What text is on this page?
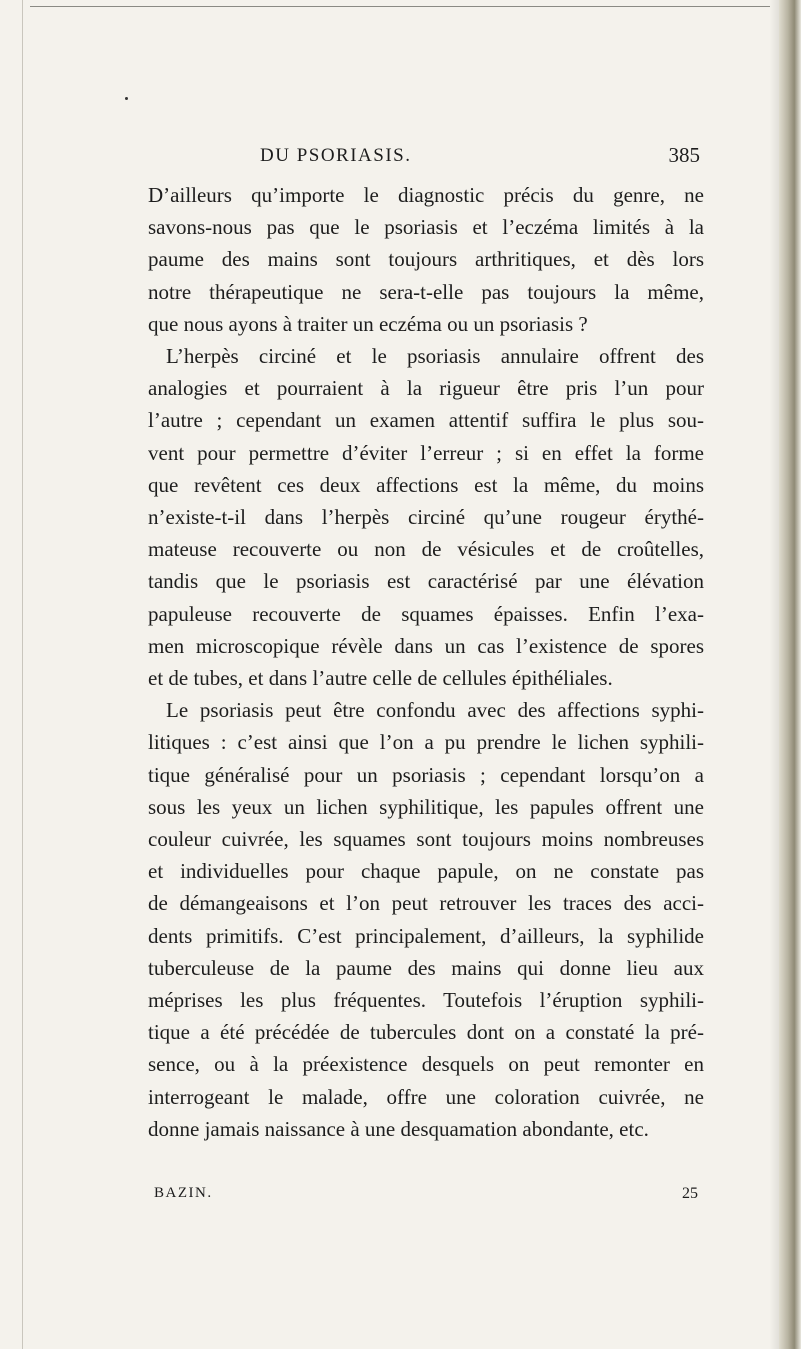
DU PSORIASIS.	385
D’ailleurs qu’importe le diagnostic précis du genre, ne
savons-nous pas que le psoriasis et l’eczéma limités à la
paume des mains sont toujours arthritiques, et dès lors
notre thérapeutique ne sera-t-elle pas toujours la même,
que nous ayons à traiter un eczéma ou un psoriasis ?
L’herpès circiné et le psoriasis annulaire offrent des
analogies et pourraient à la rigueur être pris l’un pour
l’autre ; cependant un examen attentif suffira le plus sou-
vent pour permettre d’éviter l’erreur ; si en effet la forme
que revêtent ces deux affections est la même, du moins
n’existe-t-il dans l’herpès circiné qu’une rougeur érythé-
mateuse recouverte ou non de vésicules et de croûtelles,
tandis que le psoriasis est caractérisé par une élévation
papuleuse recouverte de squames épaisses. Enfin l’exa-
men microscopique révèle dans un cas l’existence de spores
et de tubes, et dans l’autre celle de cellules épithéliales.
Le psoriasis peut être confondu avec des affections syphi-
litiques : c’est ainsi que l’on a pu prendre le lichen syphili-
tique généralisé pour un psoriasis ; cependant lorsqu’on a
sous les yeux un lichen syphilitique, les papules offrent une
couleur cuivrée, les squames sont toujours moins nombreuses
et individuelles pour chaque papule, on ne constate pas
de démangeaisons et l’on peut retrouver les traces des acci-
dents primitifs. C’est principalement, d’ailleurs, la syphilide
tuberculeuse de la paume des mains qui donne lieu aux
méprises les plus fréquentes. Toutefois l’éruption syphili-
tique a été précédée de tubercules dont on a constaté la pré-
sence, ou à la préexistence desquels on peut remonter en
interrogeant le malade, offre une coloration cuivrée, ne
donne jamais naissance à une desquamation abondante, etc.
BAZIN.	25
